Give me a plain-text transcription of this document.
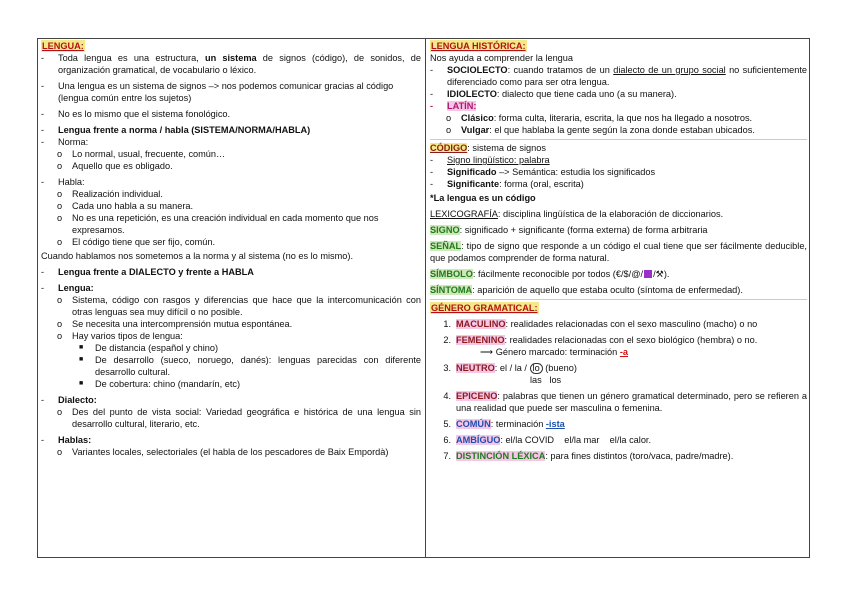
LENGUA:

-	Toda lengua es una estructura, un sistema de signos (código), de sonidos, de organización gramatical, de vocabulario o léxico.
-	Una lengua es un sistema de signos –> nos podemos comunicar gracias al código (lengua común entre los sujetos)
-	No es lo mismo que el sistema fonológico.
-	Lengua frente a norma / habla (SISTEMA/NORMA/HABLA)
-	Norma:
o	Lo normal, usual, frecuente, común…
o	Aquello que es obligado.
-	Habla:
o	Realización individual.
o	Cada uno habla a su manera.
o	No es una repetición, es una creación individual en cada momento que nos expresamos.
o	El código tiene que ser fijo, común.

Cuando hablamos nos sometemos a la norma y al sistema (no es lo mismo).

-	Lengua frente a DIALECTO y frente a HABLA
-	Lengua:
o	Sistema, código con rasgos y diferencias que hace que la intercomunicación con otras lenguas sea muy difícil o no posible.
o	Se necesita una intercomprensión mutua espontánea.
o	Hay varios tipos de lengua:
■	De distancia (español y chino)
■	De desarrollo (sueco, noruego, danés): lenguas parecidas con diferente desarrollo cultural.
■	De cobertura: chino (mandarín, etc)
-	Dialecto:
o	Des del punto de vista social: Variedad geográfica e histórica de una lengua sin desarrollo cultural, literario, etc.
-	Hablas:
o	Variantes locales, selectoriales (el habla de los pescadores de Baix Empordà)

LENGUA HISTÓRICA:

Nos ayuda a comprender la lengua

-	SOCIOLECTO: cuando tratamos de un dialecto de un grupo social no suficientemente diferenciado como para ser otra lengua.
-	IDIOLECTO: dialecto que tiene cada uno (a su manera).
-	LATÍN:
o	Clásico: forma culta, literaria, escrita, la que nos ha llegado a nosotros.
o	Vulgar: el que hablaba la gente según la zona donde estaban ubicados.

CÓDIGO: sistema de signos

-	Signo lingüístico: palabra
-	Significado –> Semántica: estudia los significados
-	Significante: forma (oral, escrita)

*La lengua es un código

LEXICOGRAFÍA: disciplina lingüística de la elaboración de diccionarios.

SIGNO: significado + significante (forma externa) de forma arbitraria

SEÑAL: tipo de signo que responde a un código el cual tiene que ser fácilmente deducible, que podamos comprender de forma natural.

SÍMBOLO: fácilmente reconocible por todos (€/$/@/ /⚒).

SÍNTOMA: aparición de aquello que estaba oculto (síntoma de enfermedad).

GÉNERO GRAMATICAL:

1. MACULINO: realidades relacionadas con el sexo masculino (macho) o no
2. FEMENINO: realidades relacionadas con el sexo biológico (hembra) o no.

⟶ Género marcado: terminación -a

3. NEUTRO: el / la / lo (bueno)

las   los

4. EPICENO: palabras que tienen un género gramatical determinado, pero se refieren a una realidad que puede ser masculina o femenina.
5. COMÚN: terminación -ista
6. AMBÍGUO: el/la COVID    el/la mar    el/la calor.
7. DISTINCIÓN LÉXICA: para fines distintos (toro/vaca, padre/madre).
